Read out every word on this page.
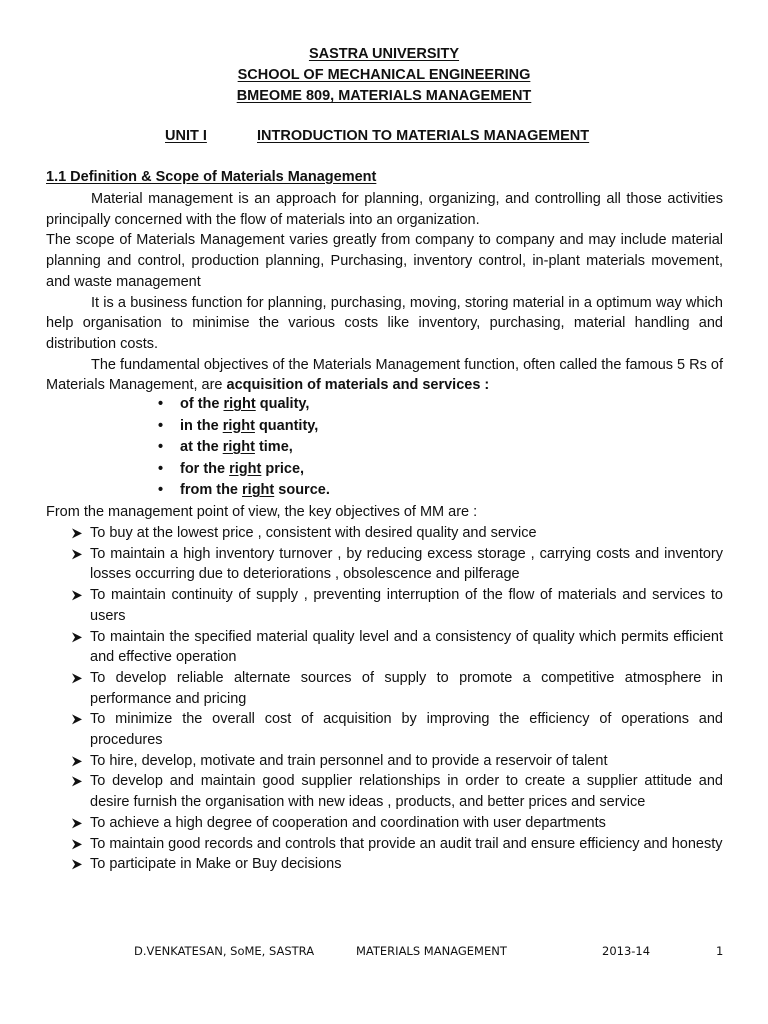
SASTRA UNIVERSITY
SCHOOL OF MECHANICAL ENGINEERING
BMEOME 809, MATERIALS MANAGEMENT
UNIT I	INTRODUCTION TO MATERIALS MANAGEMENT
1.1 Definition & Scope of Materials Management

Material management is an approach for planning, organizing, and controlling all those activities principally concerned with the flow of materials into an organization.

The scope of Materials Management varies greatly from company to company and may include material planning and control, production planning, Purchasing, inventory control, in-plant materials movement, and waste management

It is a business function for planning, purchasing, moving, storing material in a optimum way which help organisation to minimise the various costs like inventory, purchasing, material handling and distribution costs.

The fundamental objectives of the Materials Management function, often called the famous 5 Rs of Materials Management, are acquisition of materials and services :

• of the right quality,
• in the right quantity,
• at the right time,
• for the right price,
• from the right source.
From the management point of view, the key objectives of MM are :
To buy at the lowest price , consistent with desired quality and service
To maintain a high inventory turnover , by reducing excess storage , carrying costs and inventory losses occurring due to deteriorations , obsolescence and pilferage
To maintain continuity of supply , preventing interruption of the flow of materials and services to users
To maintain the specified material quality level and a consistency of quality which permits efficient and effective operation
To develop reliable alternate sources of supply to promote a competitive atmosphere in performance and pricing
To minimize the overall cost of acquisition by improving the efficiency of operations and procedures
To hire, develop, motivate and train personnel and to provide a reservoir of talent
To develop and maintain good supplier relationships in order to create a supplier attitude and desire furnish the organisation with new ideas , products, and better prices and service
To achieve a high degree of cooperation and coordination with user departments
To maintain good records and controls that provide an audit trail and ensure efficiency and honesty
To participate in Make or Buy decisions
D.VENKATESAN, SoME, SASTRA	MATERIALS MANAGEMENT	2013-14	1
